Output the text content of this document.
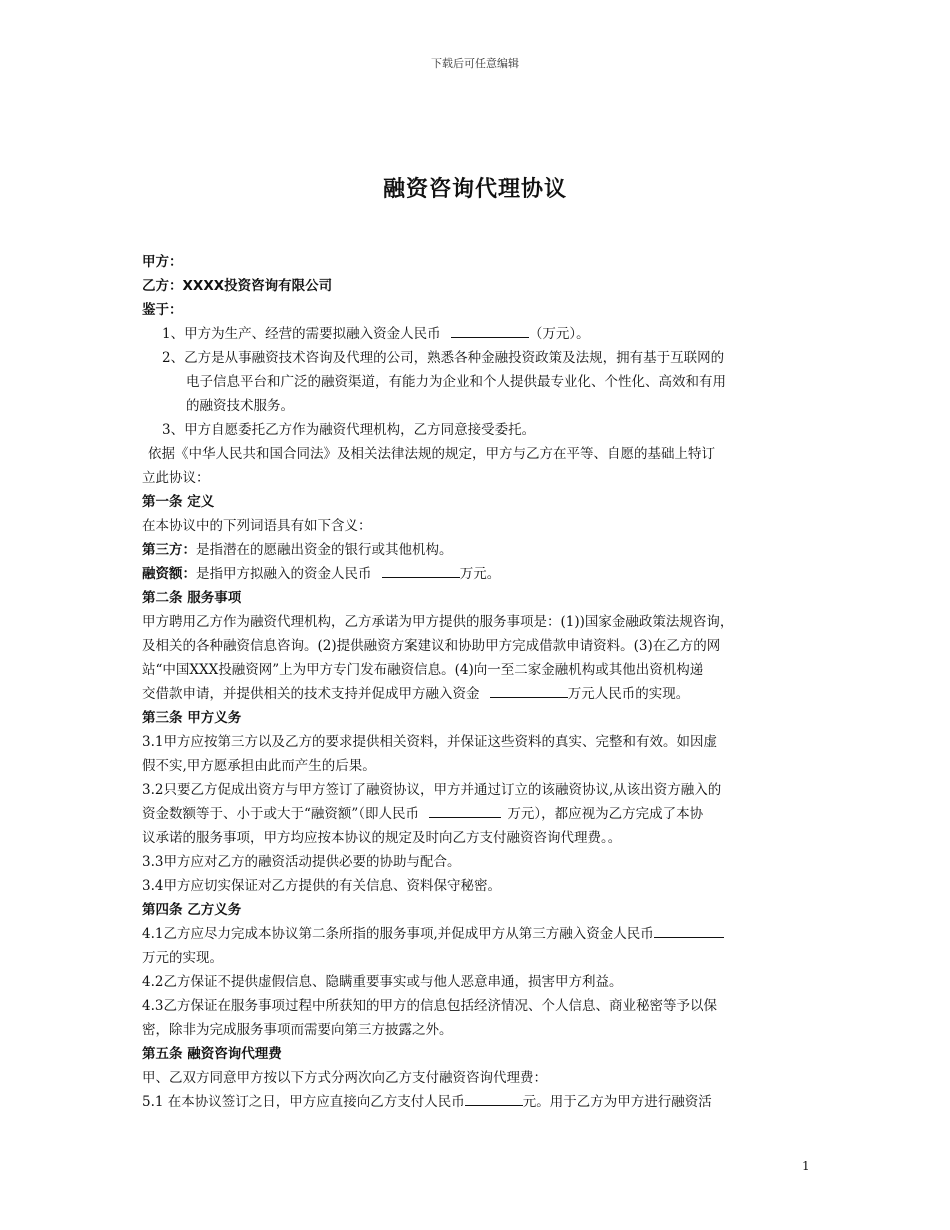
下载后可任意编辑
融资咨询代理协议
甲方：
乙方：XXXX投资咨询有限公司
鉴于：
1、甲方为生产、经营的需要拟融入资金人民币	（万元）。
2、乙方是从事融资技术咨询及代理的公司，熟悉各种金融投资政策及法规，拥有基于互联网的
电子信息平台和广泛的融资渠道，有能力为企业和个人提供最专业化、个性化、高效和有用
的融资技术服务。
3、甲方自愿委托乙方作为融资代理机构，乙方同意接受委托。
依据《中华人民共和国合同法》及相关法律法规的规定，甲方与乙方在平等、自愿的基础上特订
立此协议：
第一条 定义
在本协议中的下列词语具有如下含义：
第三方：是指潜在的愿融出资金的银行或其他机构。
融资额：是指甲方拟融入的资金人民币	万元。
第二条 服务事项
甲方聘用乙方作为融资代理机构，乙方承诺为甲方提供的服务事项是：(1))国家金融政策法规咨询，
及相关的各种融资信息咨询。(2)提供融资方案建议和协助甲方完成借款申请资料。(3)在乙方的网
站“中国XXX投融资网”上为甲方专门发布融资信息。(4)向一至二家金融机构或其他出资机构递
交借款申请，并提供相关的技术支持并促成甲方融入资金	万元人民币的实现。
第三条 甲方义务
3.1甲方应按第三方以及乙方的要求提供相关资料，并保证这些资料的真实、完整和有效。如因虚
假不实,甲方愿承担由此而产生的后果。
3.2只要乙方促成出资方与甲方签订了融资协议，甲方并通过订立的该融资协议,从该出资方融入的
资金数额等于、小于或大于“融资额”（即人民币	万元），都应视为乙方完成了本协
议承诺的服务事项，甲方均应按本协议的规定及时向乙方支付融资咨询代理费。。
3.3甲方应对乙方的融资活动提供必要的协助与配合。
3.4甲方应切实保证对乙方提供的有关信息、资料保守秘密。
第四条 乙方义务
4.1乙方应尽力完成本协议第二条所指的服务事项,并促成甲方从第三方融入资金人民币
万元的实现。
4.2乙方保证不提供虚假信息、隐瞒重要事实或与他人恶意串通，损害甲方利益。
4.3乙方保证在服务事项过程中所获知的甲方的信息包括经济情况、个人信息、商业秘密等予以保
密，除非为完成服务事项而需要向第三方披露之外。
第五条 融资咨询代理费
甲、乙双方同意甲方按以下方式分两次向乙方支付融资咨询代理费：
5.1 在本协议签订之日，甲方应直接向乙方支付人民币	元。用于乙方为甲方进行融资活
1
